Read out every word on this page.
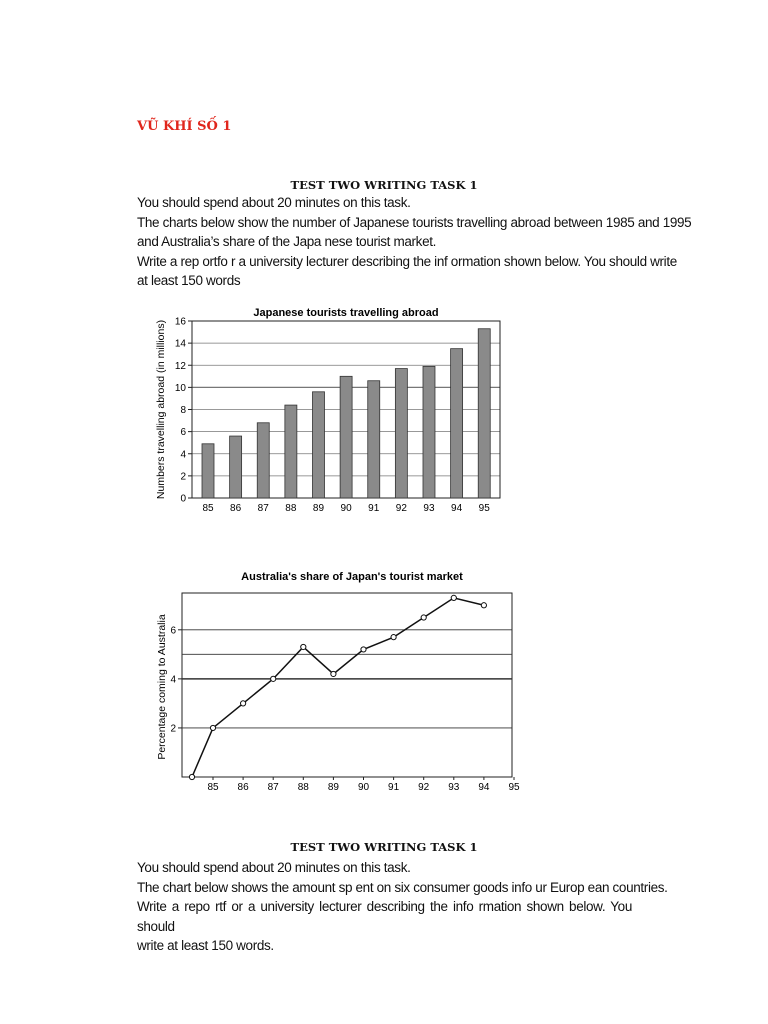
VŨ KHÍ SỐ 1
TEST TWO WRITING TASK 1

You should spend about 20 minutes on this task.

The charts below show the number of Japanese tourists travelling abroad between 1985 and 1995

and Australia’s share of the Japa nese tourist market.

Write a rep ortfo r a university lecturer describing the inf ormation shown below. You should write

at least 150 words

Japanese tourists travelling abroad
0
2
4
6
8
10
12
14
16
85 86 87 88 89 90 91 92 93 94 95
Numbers travelling abroad (in millions)
Australia's share of Japan's tourist market
2
4
6
85 86 87 88 89 90 91 92 93 94 95
Percentage coming to Australia
TEST TWO WRITING TASK 1

You should spend about 20 minutes on this task.

The chart below shows the amount sp ent on six consumer goods info ur Europ ean countries.

Write a repo rtf or a university lecturer describing the info rmation shown below. You should

write at least 150 words.
